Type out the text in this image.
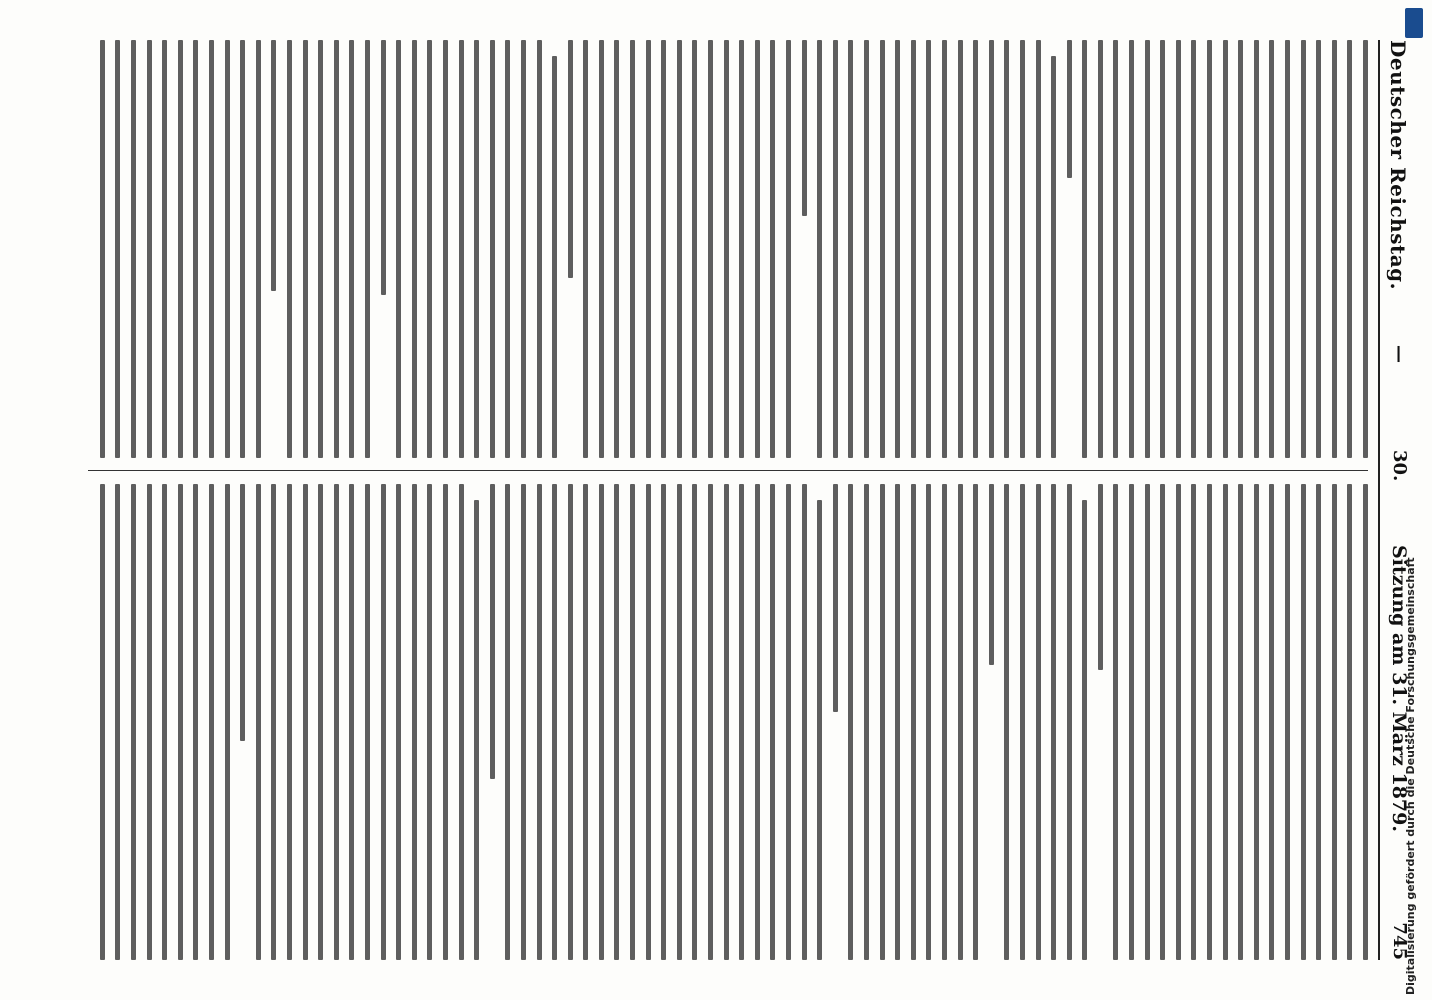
Deutscher Reichstag.
—
30.
Sitzung am 31. März 1879.
745
Digitalisierung gefördert durch die Deutsche Forschungsgemeinschaft
